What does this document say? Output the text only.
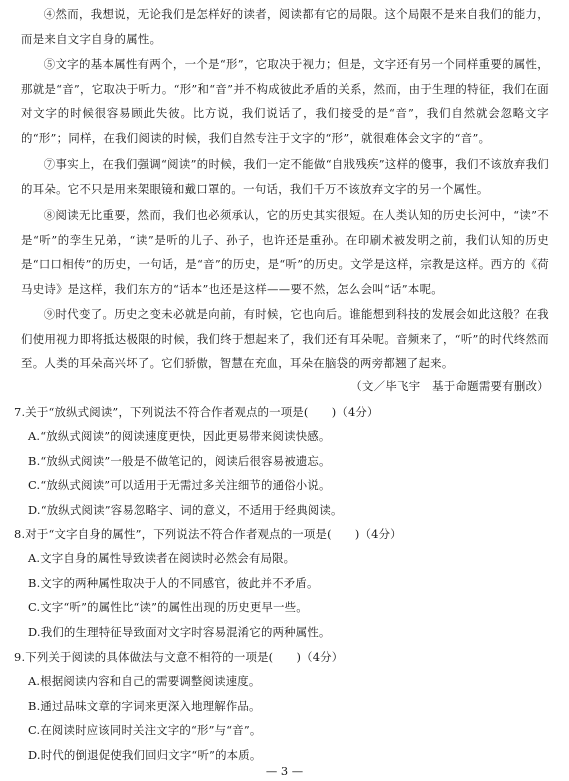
④然而，我想说，无论我们是怎样好的读者，阅读都有它的局限。这个局限不是来自我们的能力，而是来自文字自身的属性。

⑤文字的基本属性有两个，一个是“形”，它取决于视力；但是，文字还有另一个同样重要的属性，那就是“音”，它取决于听力。“形”和“音”并不构成彼此矛盾的关系，然而，由于生理的特征，我们在面对文字的时候很容易顾此失彼。比方说，我们说话了，我们接受的是“音”，我们自然就会忽略文字的“形”；同样，在我们阅读的时候，我们自然专注于文字的“形”，就很难体会文字的“音”。

⑦事实上，在我们强调“阅读”的时候，我们一定不能做“自戕残疾”这样的傻事，我们不该放弃我们的耳朵。它不只是用来架眼镜和戴口罩的。一句话，我们千万不该放弃文字的另一个属性。

⑧阅读无比重要，然而，我们也必须承认，它的历史其实很短。在人类认知的历史长河中，“读”不是“听”的孪生兄弟，“读”是听的儿子、孙子，也许还是重孙。在印刷术被发明之前，我们认知的历史是“口口相传”的历史，一句话，是“音”的历史，是“听”的历史。文学是这样，宗教是这样。西方的《荷马史诗》是这样，我们东方的“话本”也还是这样——要不然，怎么会叫“话”本呢。

⑨时代变了。历史之变未必就是向前，有时候，它也向后。谁能想到科技的发展会如此这般？在我们使用视力即将抵达极限的时候，我们终于想起来了，我们还有耳朵呢。音频来了，“听”的时代终然而至。人类的耳朵高兴坏了。它们骄傲，智慧在充血，耳朵在脑袋的两旁都翘了起来。

（文／毕飞宇　基于命题需要有删改）
7.关于“放纵式阅读”，下列说法不符合作者观点的一项是(　　)（4分）
A.“放纵式阅读”的阅读速度更快，因此更易带来阅读快感。
B.“放纵式阅读”一般是不做笔记的，阅读后很容易被遗忘。
C.“放纵式阅读”可以适用于无需过多关注细节的通俗小说。
D.“放纵式阅读”容易忽略字、词的意义，不适用于经典阅读。
8.对于“文字自身的属性”，下列说法不符合作者观点的一项是(　　)（4分）
A.文字自身的属性导致读者在阅读时必然会有局限。
B.文字的两种属性取决于人的不同感官，彼此并不矛盾。
C.文字“听”的属性比“读”的属性出现的历史更早一些。
D.我们的生理特征导致面对文字时容易混淆它的两种属性。
9.下列关于阅读的具体做法与文意不相符的一项是(　　)（4分）
A.根据阅读内容和自己的需要调整阅读速度。
B.通过品味文章的字词来更深入地理解作品。
C.在阅读时应该同时关注文字的“形”与“音”。
D.时代的倒退促使我们回归文字“听”的本质。
— 3 —
